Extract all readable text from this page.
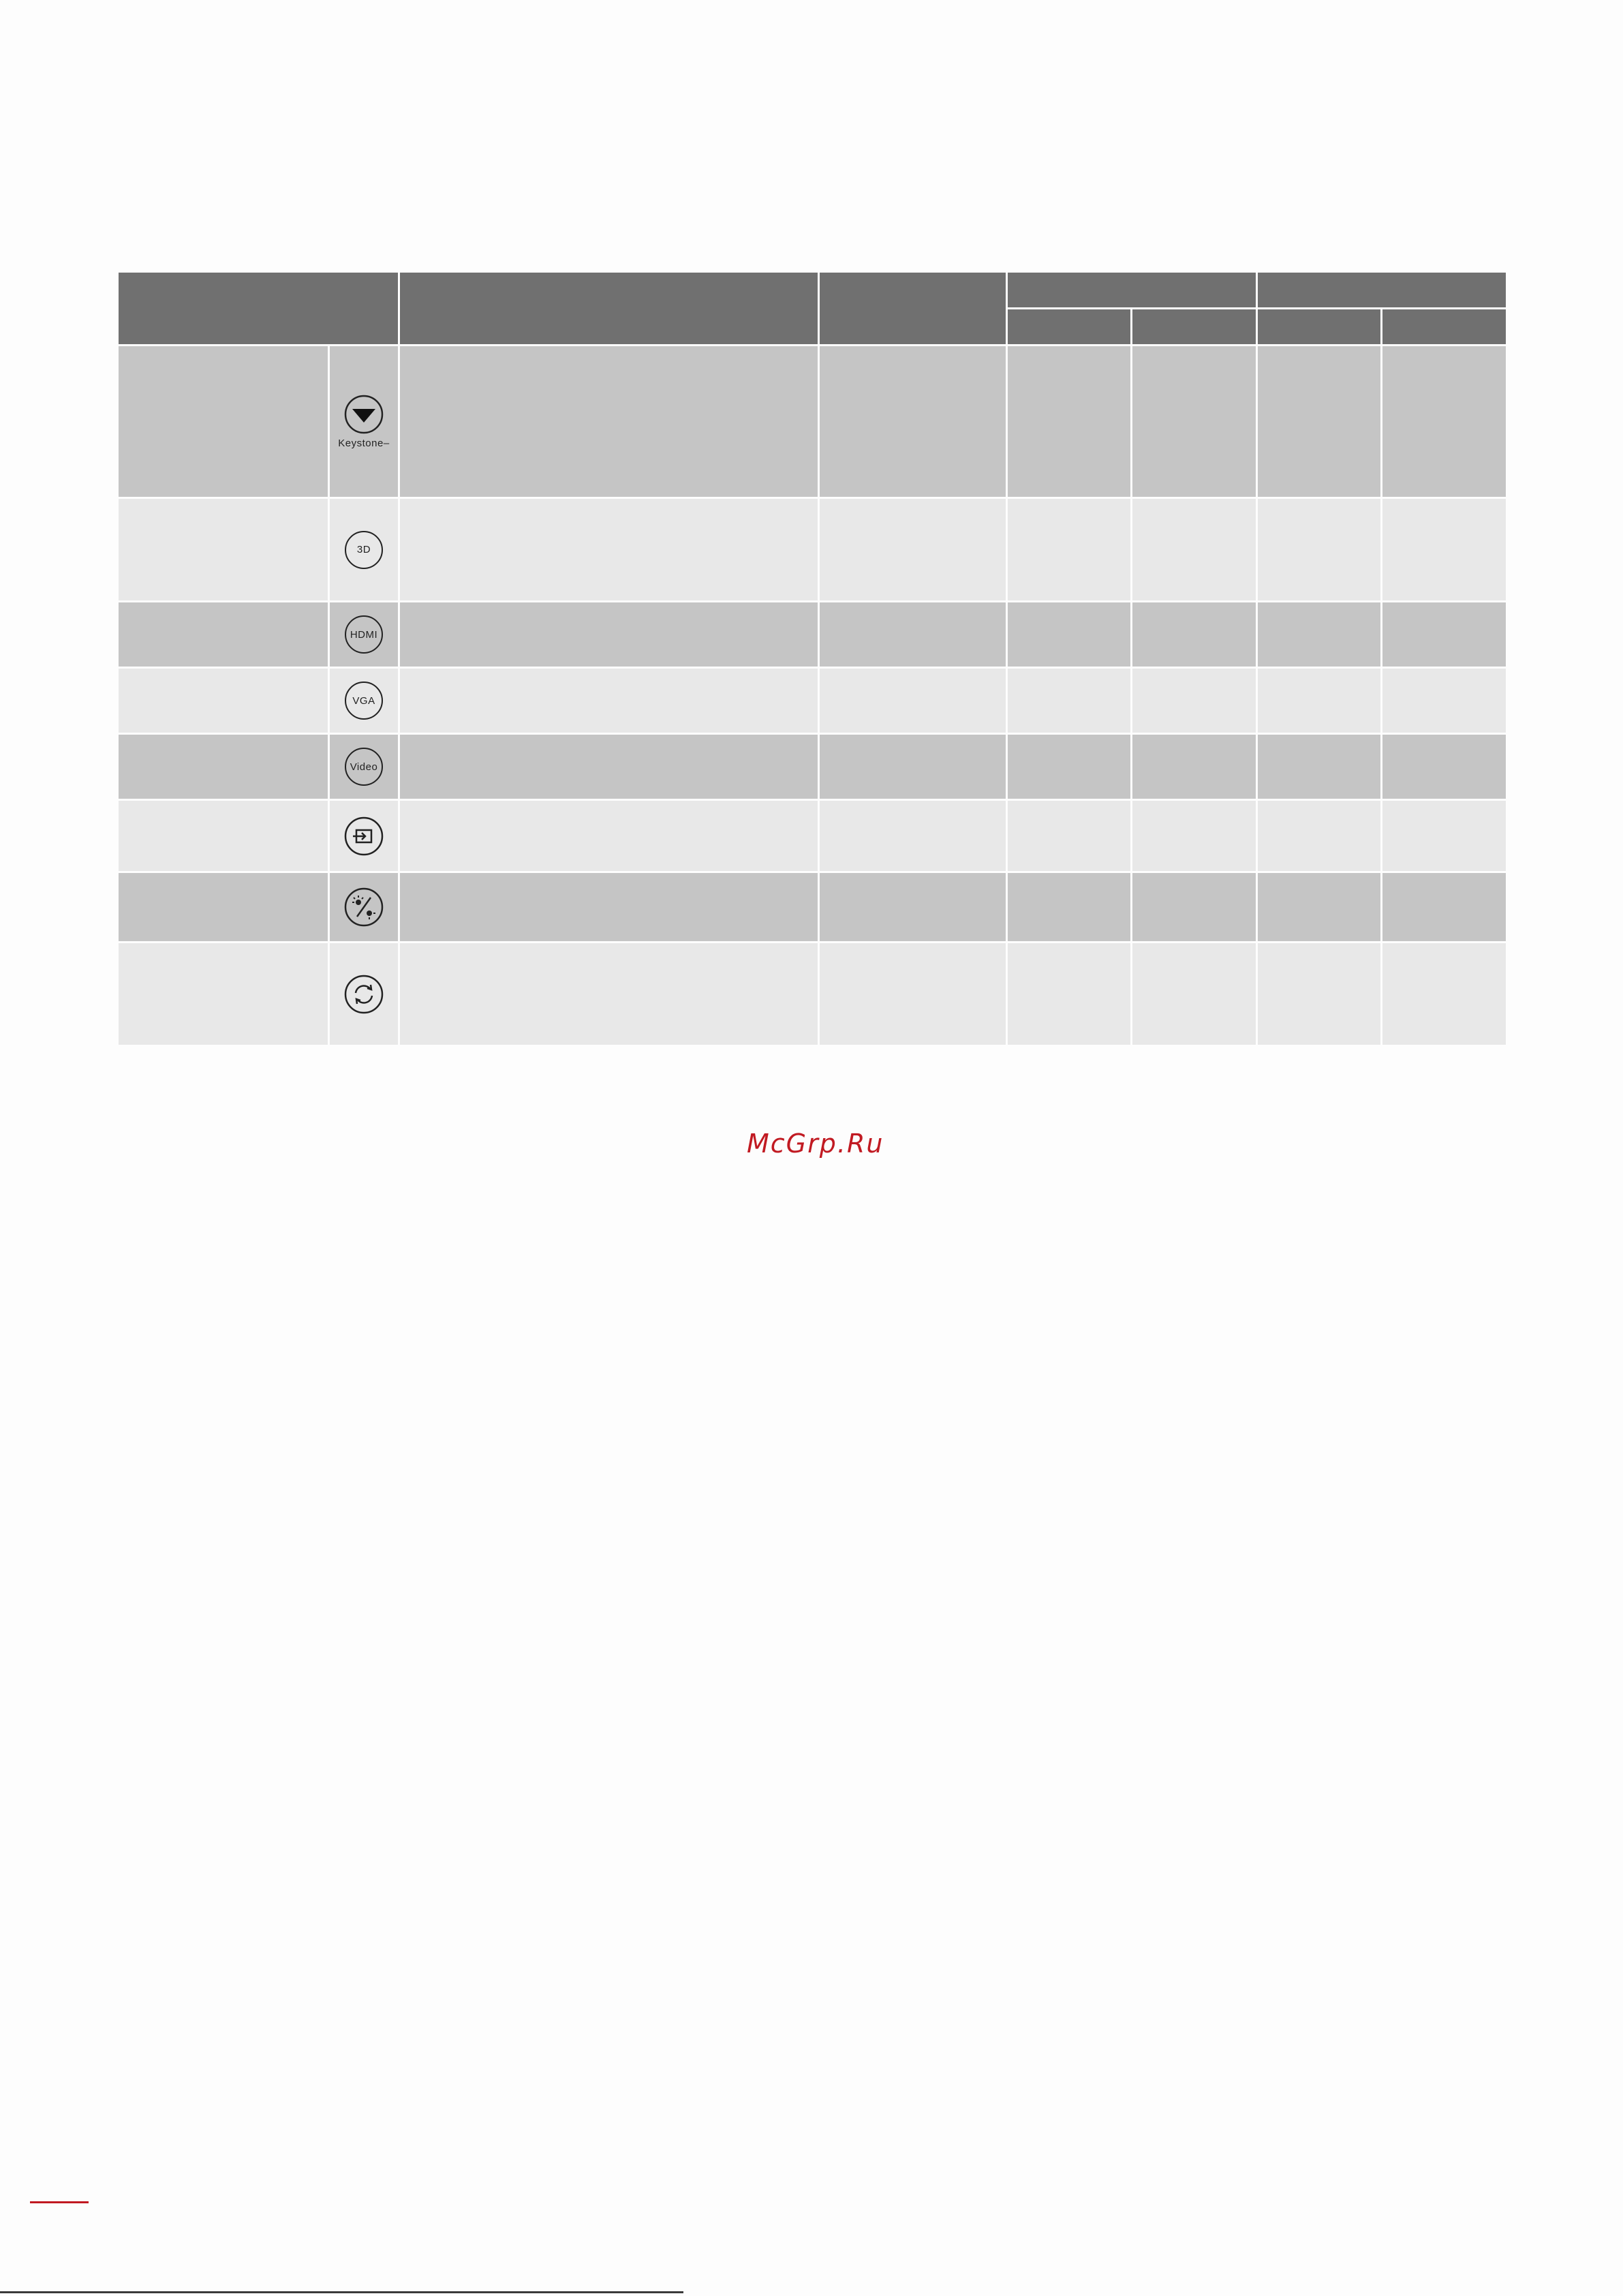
	Keystone–						

	3D						
	HDMI						
	VGA						
	Video						

McGrp.Ru
